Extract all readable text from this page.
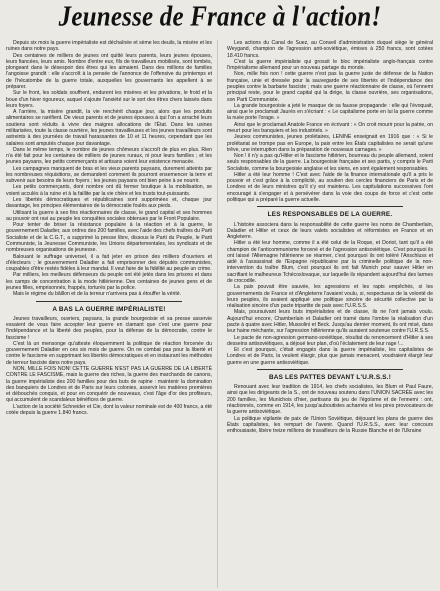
Jeunesse de France à l'action!

Depuis six mois la guerre impérialiste est déchaînée et sème les deuils, la misère et les ruines dans notre pays.

Des centaines de milliers de jeunes ont quitté leurs parents, leurs jeunes épouses, leurs fiancées, leurs amis. Nombre d'entre eux, fils de travailleurs mobilisés, sont tombés, plongeant dans le désespoir des êtres qui les aimaient. Dans des millions de familles l'angoisse grandit : elle s'accroît à la pensée de l'annonce de l'offensive du printemps et de l'hécatombe de la guerre totale, auxquelles les gouvernants les appellent à se préparer.

Sur le front, les soldats souffrent, endurent les misères et les privations, le froid et la boue d'un hiver rigoureux, auquel s'ajoute l'anxiété sur le sort des êtres chers laissés dans leurs foyers.

A l'arrière, la misère grandit, la vie renchérit chaque jour, alors que les produits alimentaires se raréfient. De vieux parents et de jeunes épouses à qui l'on a arraché leurs soutiens sont réduits à vivre des maigres allocations de l'État. Dans les usines militarisées, toute la classe ouvrière, les jeunes travailleuses et les jeunes travailleurs sont astreints à des journées de travail harassantes de 10 et 11 heures, cependant que les salaires sont amputés chaque jour davantage.

Dans le même temps, le nombre de jeunes chômeurs s'accroît de plus en plus. Rien n'a été fait pour les centaines de milliers de jeunes ruraux, ni pour leurs familles ; et les jeunes paysans, les petits commerçants et artisans voient leur existence menacée.

Les campagnes manquent de bras et les vieux parents paysans, durement atteints par les nombreuses réquisitions, se demandent comment ils pourront ensemencer la terre et subvenir aux besoins de leurs foyers ; les jeunes paysans ont bien peine à se nourrir.

Les petits commerçants, dont nombre ont dû fermer boutique à la mobilisation, se voient acculés à la ruine et à la faillite par la vie chère et les trusts tout-puissants.

Les libertés démocratiques et républicaines sont supprimées et, chaque jour davantage, les principes élémentaires de la démocratie foulés aux pieds.

Utilisant la guerre à ses fins réactionnaires de classe, le grand capital et ses hommes au pouvoir ont ravi au peuple les conquêtes sociales obtenues par le Front Populaire.

Pour tenter de briser la résistance populaire à la réaction et à la guerre, le gouvernement Daladier, aux ordres des 200 familles, avec l'aide des chefs traîtres du Parti Socialiste et de la C.G.T., a supprimé la presse libre, dissous le Parti du Peuple, le Parti Communiste, la Jeunesse Communiste, les Unions départementales, les syndicats et de nombreuses organisations de jeunesse.

Balouant le suffrage universel, il a fait jeter en prison des milliers d'ouvriers et d'électeurs ; le gouvernement Daladier a fait emprisonner des députés communistes, coupables d'être restés fidèles à leur mandat. Il veut faire de la fidélité au peuple un crime.

Par milliers, les meilleurs défenseurs du peuple ont été jetés dans les prisons et dans les camps de concentration à la mode hitlérienne. Des centaines de jeunes gens et de jeunes filles, emprisonnés, frappés, torturés par la police.

Mais le régime du bâillon et de la terreur n'arrivera pas à étouffer la vérité.

A BAS LA GUERRE IMPÉRIALISTE!

Jeunes travailleurs, ouvriers, paysans, la grande bourgeoisie et sa presse asservie essaient de vous faire accepter leur guerre en clamant que c'est une guerre pour l'indépendance et la liberté des peuples, pour la défense de la démocratie, contre le fascisme !

C'est là un mensonge qu'atteste éloquemment la politique de réaction forcenée du gouvernement Daladier en ces six mois de guerre. On ne combat pas pour la liberté et contre le fascisme en supprimant les libertés démocratiques et en instaurant les méthodes de terreur fasciste dans notre pays.

NON, MILLE FOIS NON! CETTE GUERRE N'EST PAS LA GUERRE DE LA LIBERTÉ CONTRE LE FASCISME, mais la guerre des riches, la guerre des marchands de canons, la guerre impérialiste des 200 familles pour des buts de rapine : maintenir la domination des banquiers de Londres et de Paris sur leurs colonies, asservir les matières premières et débouchés conquis, et pour en conquérir de nouveaux, c'est l'âge d'or des profiteurs, qui accumulent de scandaleux bénéfices de guerre.

L'action de la société Schneider et Cie, dont la valeur nominale est de 400 francs, a été cotée depuis la guerre 1.840 francs.

Les actions du Canal de Suez, au Conseil d'administration duquel siège le général Weygand, champion de l'agression anti-soviétique, émises à 250 francs, sont cotées 18.410 francs.

C'est la guerre impérialiste qui grossit le bloc impérialiste anglo-français contre l'impérialisme allemand pour un nouveau partage du monde.

Non, mille fois non ! cette guerre n'est pas la guerre juste de défense de la Nation française, unie et dressée pour la sauvegarde de ses libertés et l'indépendance des peuples contre la barbarie fasciste ; mais une guerre réactionnaire de classe, où l'ennemi principal reste, pour le grand capital qui la dirige, la classe ouvrière, ses organisations, son Parti Communiste.

La grande bourgeoisie a jeté le masque de sa fausse propagande : elle qui l'évoquait, ainsi que le proclamait Jaurès en s'écriant : « Le capitalisme porte en lui la guerre comme la nuée porte l'orage. »

Ainsi que le proclamait Anatole France en écrivant : « On croit mourir pour la patrie, on meurt pour les banquiers et les industriels. »

Jeunes communistes, jeunes prolétaires, LENINE enseignait en 1916 que : « Si le prolétariat se trompe pas en Europe, la paix entre les États capitalistes ne serait qu'une trêve, une interruption dans la préparation de nouveaux carnages. »

Non ! il n'y a pas qu'Hitler et le fascisme hitlérien, bourreau du peuple allemand, soient seuls responsables de la guerre. La bourgeoisie française et ses partis, y compris le Parti Socialiste, comme la bourgeoisie anglaise et les siens, en sont également responsables.

Hitler a été leur homme ! C'est avec l'aide de la finance internationale qu'il a pris le pouvoir et c'est grâce à la complicité, au soutien des cercles financiers de Paris et de Londres et de leurs ministres qu'il s'y est maintenu. Les capitulations successives l'ont encouragé à s'engager et à persévérer dans la voie des coups de force et c'est cette politique qui a préparé la guerre actuelle.

LES RESPONSABLES DE LA GUERRE.

L'histoire associera dans la responsabilité de cette guerre les noms de Chamberlain, Daladier et Hitler et ceux de leurs valets socialistes et réformistes en France et en Angleterre.

Hitler a été leur homme, comme il a été celui de la Roque, et Doriot, tant qu'il a été champion de l'anticommunisme forcené et de l'agression antisoviétique. C'est pourquoi ils ont laissé l'Allemagne hitlérienne se réarmer, c'est pourquoi ils ont toléré l'Anschluss et aidé à l'assassinat de l'Espagne républicaine par la criminelle politique de la non-intervention du traître Blum, c'est pourquoi ils ont fait Munich pour sauver Hitler en sacrifiant le malheureux Tchécoslovaque, sur laquelle ils répandent aujourd'hui des larmes de crocodile.

La paix pouvait être sauvée, les agressions et les rapts empêchés, si les gouvernements de France et d'Angleterre l'avaient voulu, si, respectueux de la volonté de leurs peuples, ils avaient appliqué une politique sincère de sécurité collective par la réalisation sincère d'un pacte tripartite de paix avec l'U.R.S.S.

Mais, poursuivant leurs buts impérialistes et de classe, ils ne l'ont jamais voulu. Aujourd'hui encore, Chamberlain et Daladier ont tramé dans l'ombre la réalisation d'un pacte à quatre avec Hitler, Mussolini et Beck. Jusqu'au dernier moment, ils ont misé, dans leur haine méchante, sur l'agression hitlérienne qu'ils auraient soutenue contre l'U.R.S.S.

Le pacte de non-agression germano-soviétique, résultat du renoncement d'Hitler à ses desseins antisoviétiques, a déjoué leur plan, d'où l'éclatement de leur rage !...

Et c'est pourquoi, c'était engagés dans la guerre impérialiste, les capitalistes de Londres et de Paris, la veulent élargir, plus que jamais menacent, voudraient élargir leur guerre en une guerre antisoviétique.

BAS LES PATTES DEVANT L'U.R.S.S.!

Renouant avec leur tradition de 1914, les chefs socialistes, les Blum et Paul Faure, ainsi que les dirigeants de la S., ont de nouveau soutenu dans l'UNION SACRÉE avec les 200 familles, les Munichois d'hier, partisans du jeu de l'égoïsme et de l'ennemi : ont, réactionnés, comme en 1914, les jusqu'auboutistes acharnés et les pires provocateurs de la guerre antisoviétique.

La politique vigilante de paix de l'Union Soviétique, déjouant les plans de guerre des États capitalistes, les rempart de l'avenir. Quand l'U.R.S.S., avec leur concours enthousiaste, libère treize millions de travailleurs de la Russie Blanche et de l'Ukraine
